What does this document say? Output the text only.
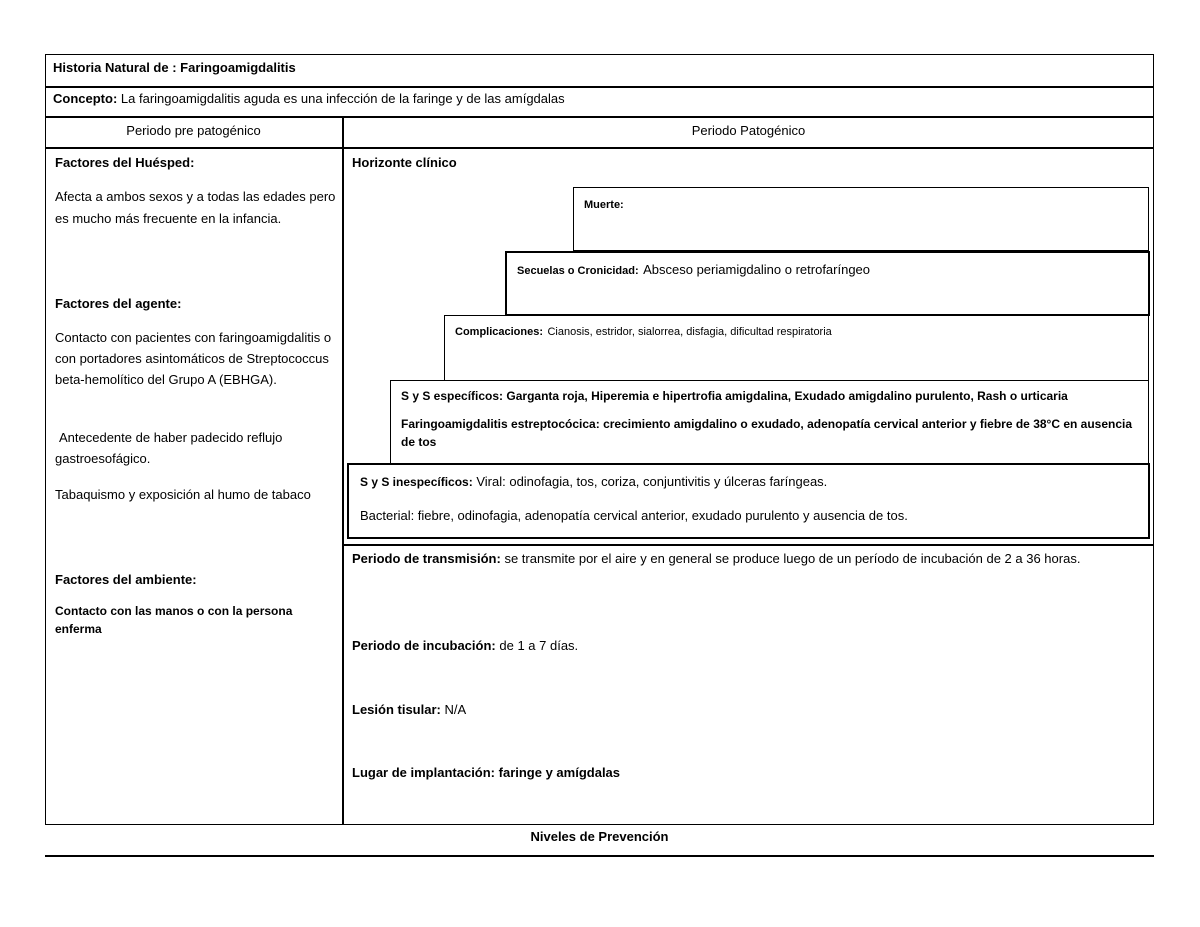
Historia Natural de : Faringoamigdalitis
Concepto: La faringoamigdalitis aguda es una infección de la faringe y de las amígdalas
Periodo pre patogénico	Periodo Patogénico
Factores del Huésped:
Afecta a ambos sexos y a todas las edades pero es mucho más frecuente en la infancia.
Factores del agente:
Contacto con pacientes con faringoamigdalitis o con portadores asintomáticos de Streptococcus beta-hemolítico del Grupo A (EBHGA).
Antecedente de haber padecido reflujo gastroesofágico.
Tabaquismo y exposición al humo de tabaco
Factores del ambiente:
Contacto con las manos o con la persona enferma
Horizonte clínico
Muerte:
Secuelas o Cronicidad: Absceso periamigdalino o retrofaríngeo
Complicaciones: Cianosis, estridor, sialorrea, disfagia, dificultad respiratoria
S y S específicos: Garganta roja, Hiperemia e hipertrofia amigdalina, Exudado amigdalino purulento, Rash o urticaria
Faringoamigdalitis estreptocócica: crecimiento amigdalino o exudado, adenopatía cervical anterior y fiebre de 38°C en ausencia de tos
S y S inespecíficos: Viral: odinofagia, tos, coriza, conjuntivitis y úlceras faríngeas.
Bacterial: fiebre, odinofagia, adenopatía cervical anterior, exudado purulento y ausencia de tos.
Periodo de transmisión: se transmite por el aire y en general se produce luego de un período de incubación de 2 a 36 horas.
Periodo de incubación: de 1 a 7 días.
Lesión tisular: N/A
Lugar de implantación: faringe y amígdalas
Niveles de Prevención
